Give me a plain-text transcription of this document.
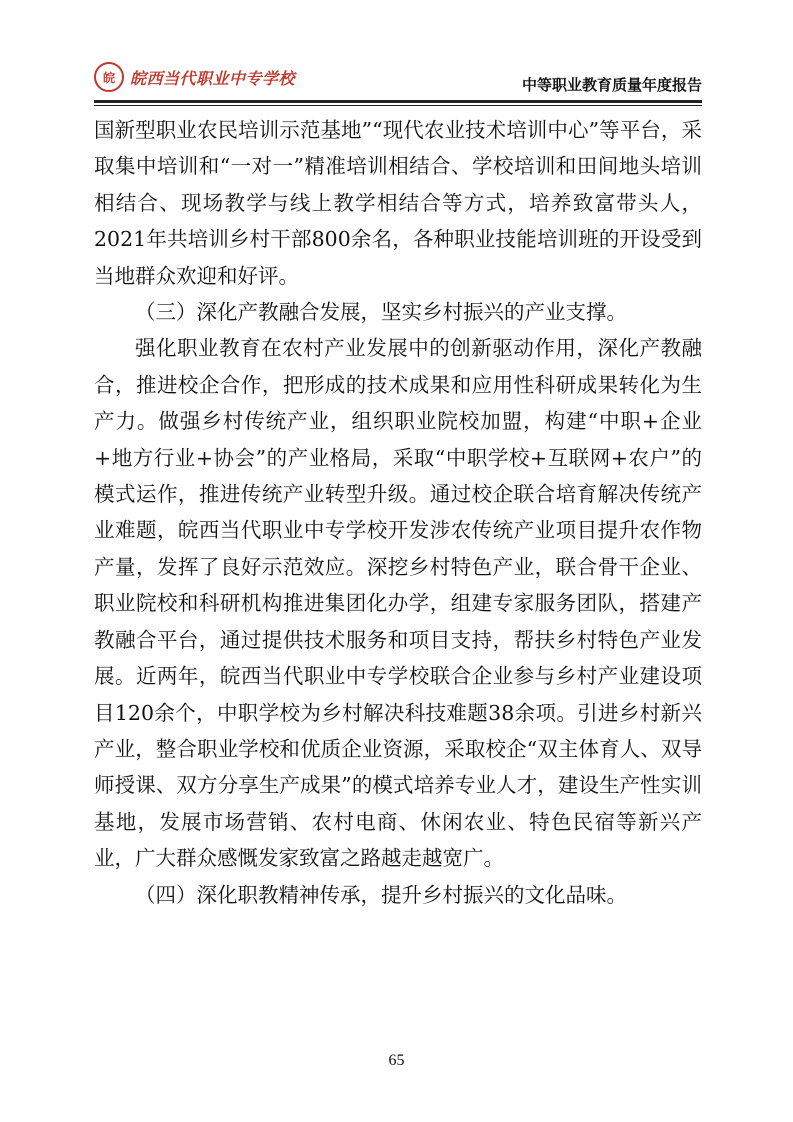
皖 皖西当代职业中专学校	中等职业教育质量年度报告

国新型职业农民培训示范基地”“现代农业技术培训中心”等平台，采取集中培训和“一对一”精准培训相结合、学校培训和田间地头培训相结合、现场教学与线上教学相结合等方式，培养致富带头人，2021年共培训乡村干部800余名，各种职业技能培训班的开设受到当地群众欢迎和好评。

（三）深化产教融合发展，坚实乡村振兴的产业支撑。

强化职业教育在农村产业发展中的创新驱动作用，深化产教融合，推进校企合作，把形成的技术成果和应用性科研成果转化为生产力。做强乡村传统产业，组织职业院校加盟，构建“中职+企业+地方行业+协会”的产业格局，采取“中职学校+互联网+农户”的模式运作，推进传统产业转型升级。通过校企联合培育解决传统产业难题，皖西当代职业中专学校开发涉农传统产业项目提升农作物产量，发挥了良好示范效应。深挖乡村特色产业，联合骨干企业、职业院校和科研机构推进集团化办学，组建专家服务团队，搭建产教融合平台，通过提供技术服务和项目支持，帮扶乡村特色产业发展。近两年，皖西当代职业中专学校联合企业参与乡村产业建设项目120余个，中职学校为乡村解决科技难题38余项。引进乡村新兴产业，整合职业学校和优质企业资源，采取校企“双主体育人、双导师授课、双方分享生产成果”的模式培养专业人才，建设生产性实训基地，发展市场营销、农村电商、休闲农业、特色民宿等新兴产业，广大群众感慨发家致富之路越走越宽广。

（四）深化职教精神传承，提升乡村振兴的文化品味。

65
